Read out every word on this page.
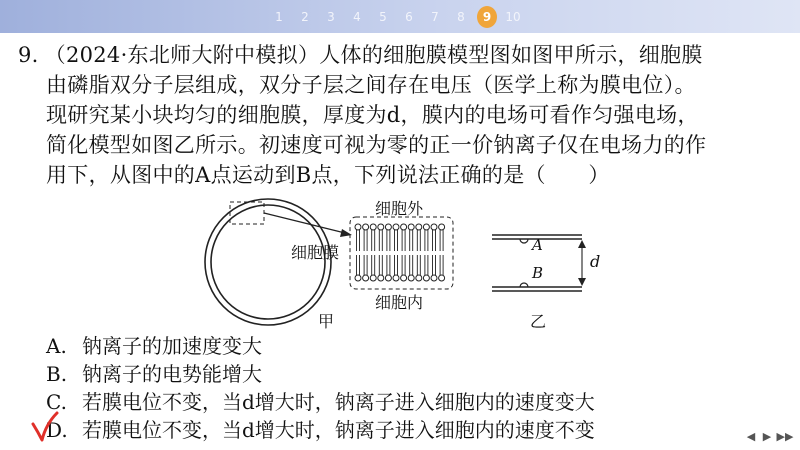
1	2	3	4	5	6	7	8	9	10
9. （2024·东北师大附中模拟）人体的细胞膜模型图如图甲所示，细胞膜
由磷脂双分子层组成，双分子层之间存在电压（医学上称为膜电位）。
现研究某小块均匀的细胞膜，厚度为d，膜内的电场可看作匀强电场，
简化模型如图乙所示。初速度可视为零的正一价钠离子仅在电场力的作
用下，从图中的A点运动到B点，下列说法正确的是（　　）
细胞膜
细胞外
细胞内
甲	乙
A
B
d
A. 钠离子的加速度变大
B. 钠离子的电势能增大
C. 若膜电位不变，当d增大时，钠离子进入细胞内的速度变大
D. 若膜电位不变，当d增大时，钠离子进入细胞内的速度不变	◀ ▶ ▶▶
